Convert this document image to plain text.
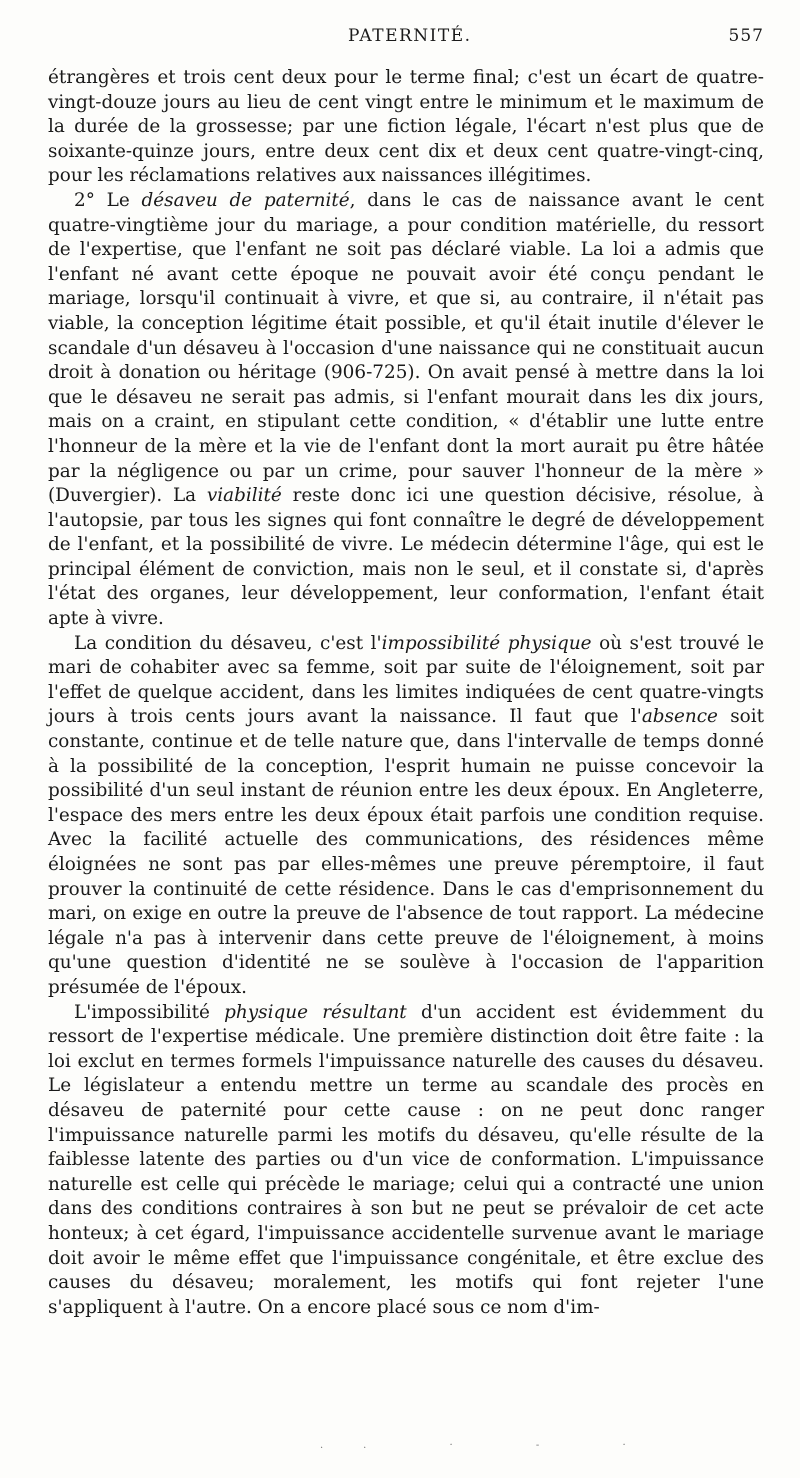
PATERNITÉ.	557

étrangères et trois cent deux pour le terme final; c'est un écart de quatre-vingt-douze jours au lieu de cent vingt entre le minimum et le maximum de la durée de la grossesse; par une fiction légale, l'écart n'est plus que de soixante-quinze jours, entre deux cent dix et deux cent quatre-vingt-cinq, pour les réclamations relatives aux naissances illégitimes.

2° Le désaveu de paternité, dans le cas de naissance avant le cent quatre-vingtième jour du mariage, a pour condition matérielle, du ressort de l'expertise, que l'enfant ne soit pas déclaré viable. La loi a admis que l'enfant né avant cette époque ne pouvait avoir été conçu pendant le mariage, lorsqu'il continuait à vivre, et que si, au contraire, il n'était pas viable, la conception légitime était possible, et qu'il était inutile d'élever le scandale d'un désaveu à l'occasion d'une naissance qui ne constituait aucun droit à donation ou héritage (906-725). On avait pensé à mettre dans la loi que le désaveu ne serait pas admis, si l'enfant mourait dans les dix jours, mais on a craint, en stipulant cette condition, « d'établir une lutte entre l'honneur de la mère et la vie de l'enfant dont la mort aurait pu être hâtée par la négligence ou par un crime, pour sauver l'honneur de la mère » (Duvergier). La viabilité reste donc ici une question décisive, résolue, à l'autopsie, par tous les signes qui font connaître le degré de développement de l'enfant, et la possibilité de vivre. Le médecin détermine l'âge, qui est le principal élément de conviction, mais non le seul, et il constate si, d'après l'état des organes, leur développement, leur conformation, l'enfant était apte à vivre.

La condition du désaveu, c'est l'impossibilité physique où s'est trouvé le mari de cohabiter avec sa femme, soit par suite de l'éloignement, soit par l'effet de quelque accident, dans les limites indiquées de cent quatre-vingts jours à trois cents jours avant la naissance. Il faut que l'absence soit constante, continue et de telle nature que, dans l'intervalle de temps donné à la possibilité de la conception, l'esprit humain ne puisse concevoir la possibilité d'un seul instant de réunion entre les deux époux. En Angleterre, l'espace des mers entre les deux époux était parfois une condition requise. Avec la facilité actuelle des communications, des résidences même éloignées ne sont pas par elles-mêmes une preuve péremptoire, il faut prouver la continuité de cette résidence. Dans le cas d'emprisonnement du mari, on exige en outre la preuve de l'absence de tout rapport. La médecine légale n'a pas à intervenir dans cette preuve de l'éloignement, à moins qu'une question d'identité ne se soulève à l'occasion de l'apparition présumée de l'époux.

L'impossibilité physique résultant d'un accident est évidemment du ressort de l'expertise médicale. Une première distinction doit être faite : la loi exclut en termes formels l'impuissance naturelle des causes du désaveu. Le législateur a entendu mettre un terme au scandale des procès en désaveu de paternité pour cette cause : on ne peut donc ranger l'impuissance naturelle parmi les motifs du désaveu, qu'elle résulte de la faiblesse latente des parties ou d'un vice de conformation. L'impuissance naturelle est celle qui précède le mariage; celui qui a contracté une union dans des conditions contraires à son but ne peut se prévaloir de cet acte honteux; à cet égard, l'impuissance accidentelle survenue avant le mariage doit avoir le même effet que l'impuissance congénitale, et être exclue des causes du désaveu; moralement, les motifs qui font rejeter l'une s'appliquent à l'autre. On a encore placé sous ce nom d'im-

.. · - ·
